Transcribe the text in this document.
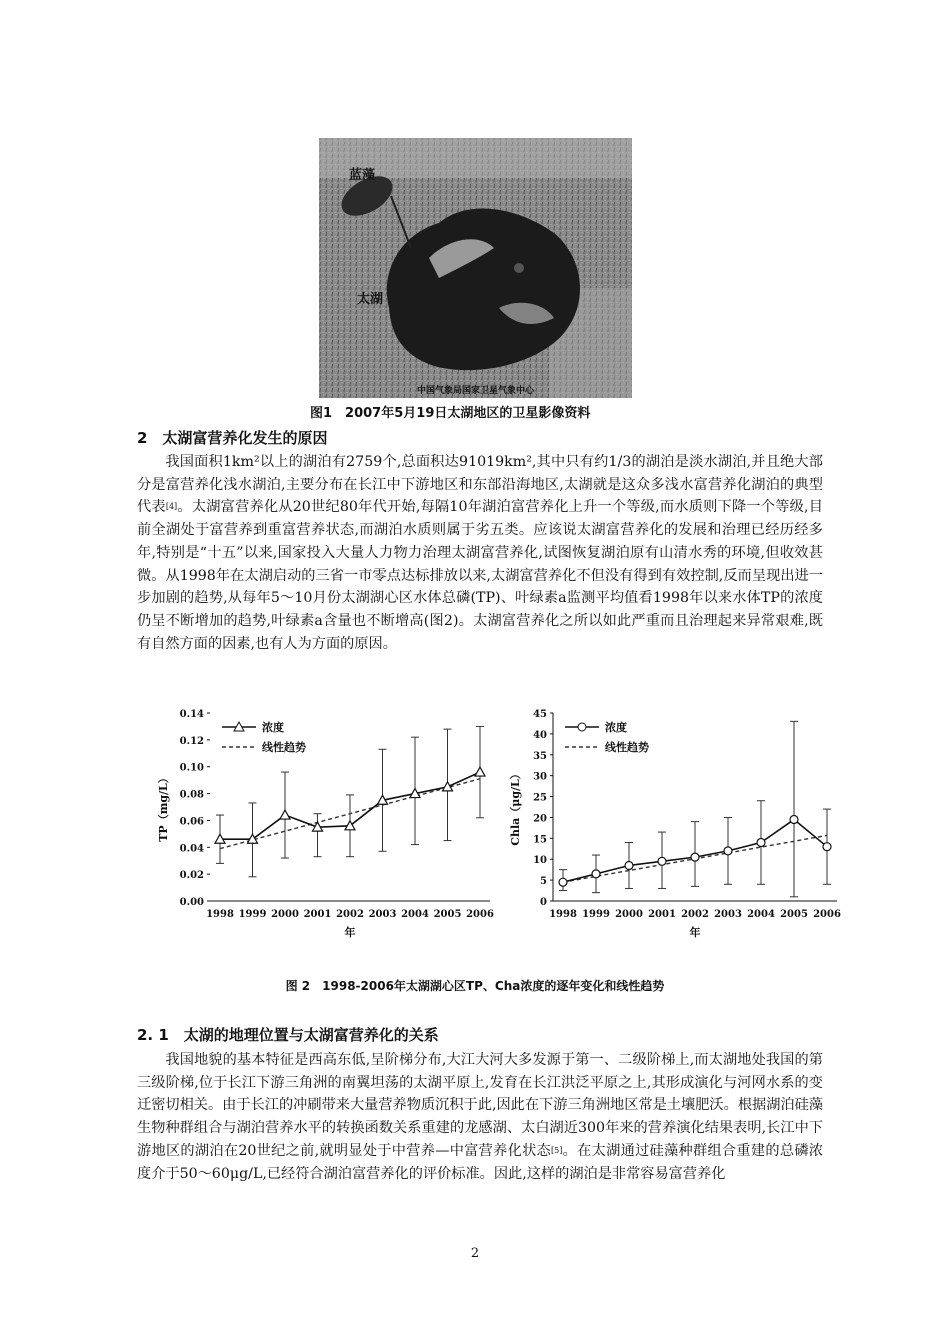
蓝藻
太湖
中国气象局国家卫星气象中心
图1　2007年5月19日太湖地区的卫星影像资料
2　太湖富营养化发生的原因

我国面积1km²以上的湖泊有2759个,总面积达91019km²,其中只有约1/3的湖泊是淡水湖泊,并且绝大部分是富营养化浅水湖泊,主要分布在长江中下游地区和东部沿海地区,太湖就是这众多浅水富营养化湖泊的典型代表[4]。太湖富营养化从20世纪80年代开始,每隔10年湖泊富营养化上升一个等级,而水质则下降一个等级,目前全湖处于富营养到重富营养状态,而湖泊水质则属于劣五类。应该说太湖富营养化的发展和治理已经历经多年,特别是“十五”以来,国家投入大量人力物力治理太湖富营养化,试图恢复湖泊原有山清水秀的环境,但收效甚微。从1998年在太湖启动的三省一市零点达标排放以来,太湖富营养化不但没有得到有效控制,反而呈现出进一步加剧的趋势,从每年5～10月份太湖湖心区水体总磷(TP)、叶绿素a监测平均值看1998年以来水体TP的浓度仍呈不断增加的趋势,叶绿素a含量也不断增高(图2)。太湖富营养化之所以如此严重而且治理起来异常艰难,既有自然方面的因素,也有人为方面的原因。

0.00
0.02
0.04
0.06
0.08
0.10
0.12
0.14
1998 1999 2000 2001 2002 2003 2004 2005 2006
年
TP（mg/L）
浓度
线性趋势
0
5
10
15
20
25
30
35
40
45
1998 1999 2000 2001 2002 2003 2004 2005 2006
年
Chla（μg/L）
浓度
线性趋势
图 2　1998-2006年太湖湖心区TP、Cha浓度的逐年变化和线性趋势
2. 1　太湖的地理位置与太湖富营养化的关系

我国地貌的基本特征是西高东低,呈阶梯分布,大江大河大多发源于第一、二级阶梯上,而太湖地处我国的第三级阶梯,位于长江下游三角洲的南翼坦荡的太湖平原上,发育在长江洪泛平原之上,其形成演化与河网水系的变迁密切相关。由于长江的冲刷带来大量营养物质沉积于此,因此在下游三角洲地区常是土壤肥沃。根据湖泊硅藻生物种群组合与湖泊营养水平的转换函数关系重建的龙感湖、太白湖近300年来的营养演化结果表明,长江中下游地区的湖泊在20世纪之前,就明显处于中营养—中富营养化状态[5]。在太湖通过硅藻种群组合重建的总磷浓度介于50～60μg/L,已经符合湖泊富营养化的评价标准。因此,这样的湖泊是非常容易富营养化

2
